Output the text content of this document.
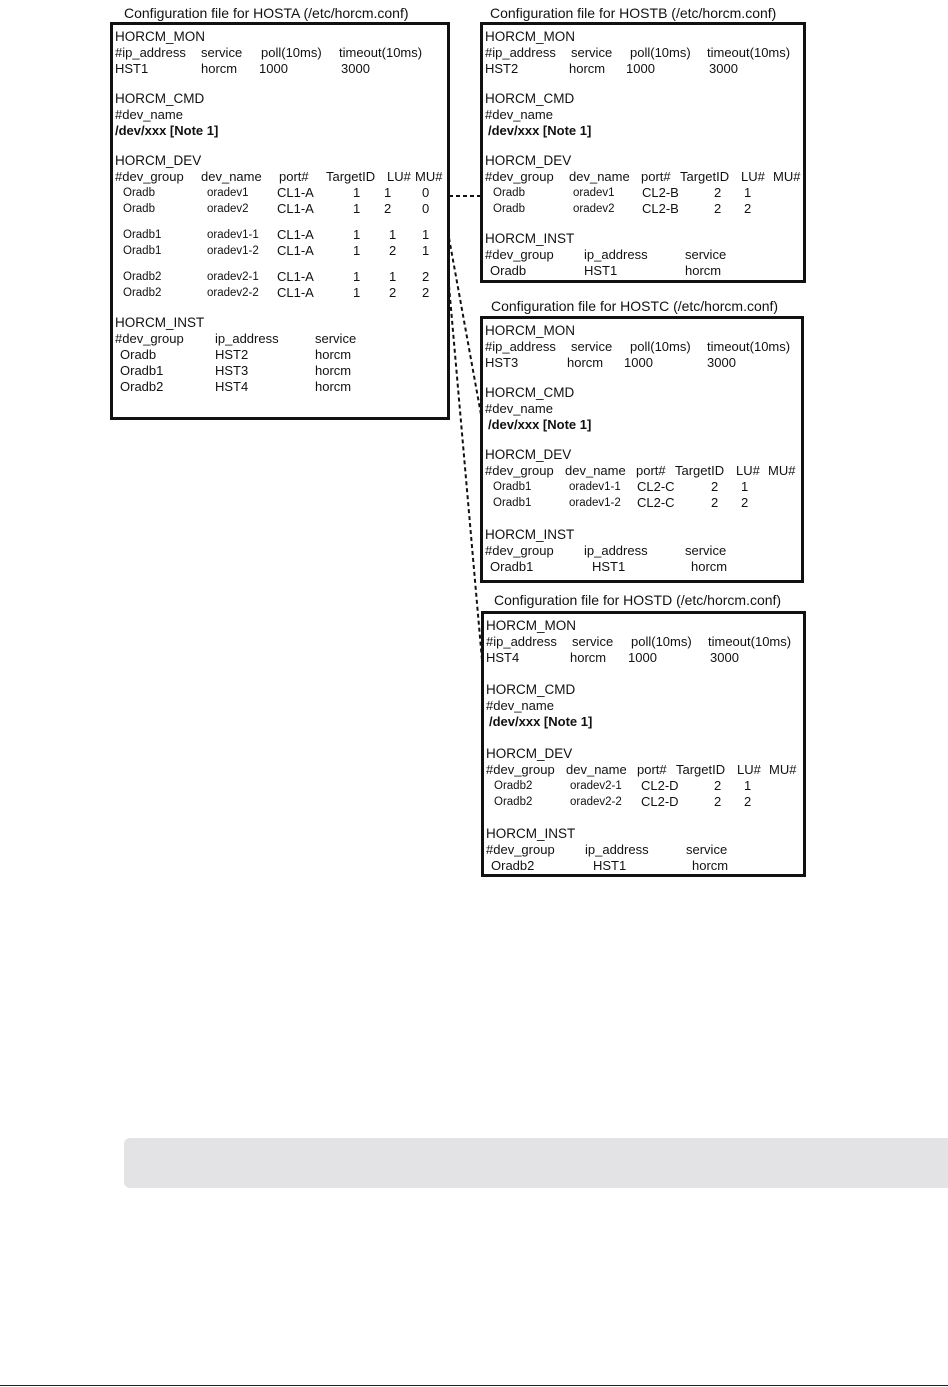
Configuration file for HOSTA (/etc/horcm.conf)
HORCM_MON
#ip_address service poll(10ms) timeout(10ms)
HST1	horcm 1000	3000
HORCM_CMD
#dev_name
/dev/xxx [Note 1]
HORCM_DEV
#dev_group dev_name port# TargetID LU# MU#
Oradb	oradev1 CL1-A	1 1 0
Oradb	oradev2 CL1-A	1 2 0
Oradb1	oradev1-1 CL1-A	1 1 1
Oradb1	oradev1-2 CL1-A	1 2 1
Oradb2	oradev2-1 CL1-A	1 1 2
Oradb2	oradev2-2 CL1-A	1 2 2
HORCM_INST
#dev_group ip_address	service
Oradb	HST2	horcm
Oradb1	HST3	horcm
Oradb2	HST4	horcm
Configuration file for HOSTB (/etc/horcm.conf)
HORCM_MON
#ip_address service poll(10ms) timeout(10ms)
HST2	horcm 1000	3000
HORCM_CMD
#dev_name
/dev/xxx [Note 1]
HORCM_DEV
#dev_group dev_name port# TargetID LU# MU#
Oradb	oradev1 CL2-B	2 1
Oradb	oradev2 CL2-B	2 2
HORCM_INST
#dev_group ip_address	service
Oradb	HST1	horcm
Configuration file for HOSTC (/etc/horcm.conf)
HORCM_MON
#ip_address service poll(10ms) timeout(10ms)
HST3	horcm 1000	3000
HORCM_CMD
#dev_name
/dev/xxx [Note 1]
HORCM_DEV
#dev_group dev_name port# TargetID LU# MU#
Oradb1	oradev1-1 CL2-C	2 1
Oradb1	oradev1-2 CL2-C	2 2
HORCM_INST
#dev_group ip_address	service
Oradb1	HST1	horcm
Configuration file for HOSTD (/etc/horcm.conf)
HORCM_MON
#ip_address service poll(10ms) timeout(10ms)
HST4	horcm 1000	3000
HORCM_CMD
#dev_name
/dev/xxx [Note 1]
HORCM_DEV
#dev_group dev_name port# TargetID LU# MU#
Oradb2	oradev2-1 CL2-D	2 1
Oradb2	oradev2-2 CL2-D	2 2
HORCM_INST
#dev_group ip_address	service
Oradb2	HST1	horcm
